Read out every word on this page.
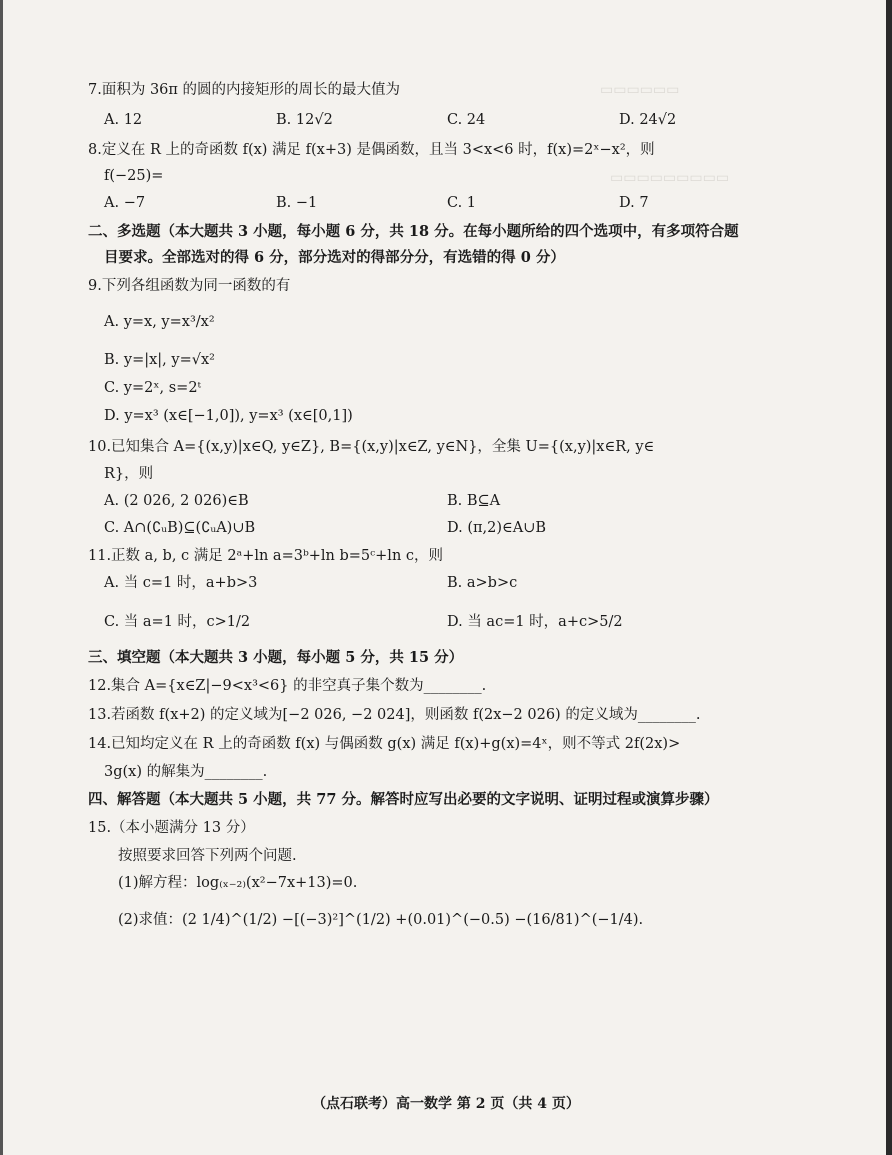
▭▭▭▭▭▭
▭▭▭▭▭▭▭▭▭
7.面积为 36π 的圆的内接矩形的周长的最大值为
A. 12	B. 12√2	C. 24	D. 24√2
8.定义在 R 上的奇函数 f(x) 满足 f(x+3) 是偶函数，且当 3<x<6 时，f(x)=2ˣ−x²，则
f(−25)=
A. −7	B. −1	C. 1	D. 7
二、多选题（本大题共 3 小题，每小题 6 分，共 18 分。在每小题所给的四个选项中，有多项符合题
目要求。全部选对的得 6 分，部分选对的得部分分，有选错的得 0 分）
9.下列各组函数为同一函数的有
A. y=x, y=x³/x²
B. y=|x|, y=√x²
C. y=2ˣ, s=2ᵗ
D. y=x³ (x∈[−1,0]), y=x³ (x∈[0,1])
10.已知集合 A={(x,y)|x∈Q, y∈Z}, B={(x,y)|x∈Z, y∈N}，全集 U={(x,y)|x∈R, y∈
R}，则
A. (2 026, 2 026)∈B	B. B⊆A
C. A∩(∁ᵤB)⊆(∁ᵤA)∪B	D. (π,2)∈A∪B
11.正数 a, b, c 满足 2ᵃ+ln a=3ᵇ+ln b=5ᶜ+ln c，则
A. 当 c=1 时，a+b>3	B. a>b>c
C. 当 a=1 时，c>1/2	D. 当 ac=1 时，a+c>5/2
三、填空题（本大题共 3 小题，每小题 5 分，共 15 分）
12.集合 A={x∈Z|−9<x³<6} 的非空真子集个数为________.
13.若函数 f(x+2) 的定义域为[−2 026, −2 024]，则函数 f(2x−2 026) 的定义域为________.
14.已知均定义在 R 上的奇函数 f(x) 与偶函数 g(x) 满足 f(x)+g(x)=4ˣ，则不等式 2f(2x)>
3g(x) 的解集为________.
四、解答题（本大题共 5 小题，共 77 分。解答时应写出必要的文字说明、证明过程或演算步骤）
15.（本小题满分 13 分）
按照要求回答下列两个问题.
(1)解方程：log₍ₓ₋₂₎(x²−7x+13)=0.
(2)求值：(2 1/4)^(1/2) −[(−3)²]^(1/2) +(0.01)^(−0.5) −(16/81)^(−1/4).
（点石联考）高一数学 第 2 页（共 4 页）
